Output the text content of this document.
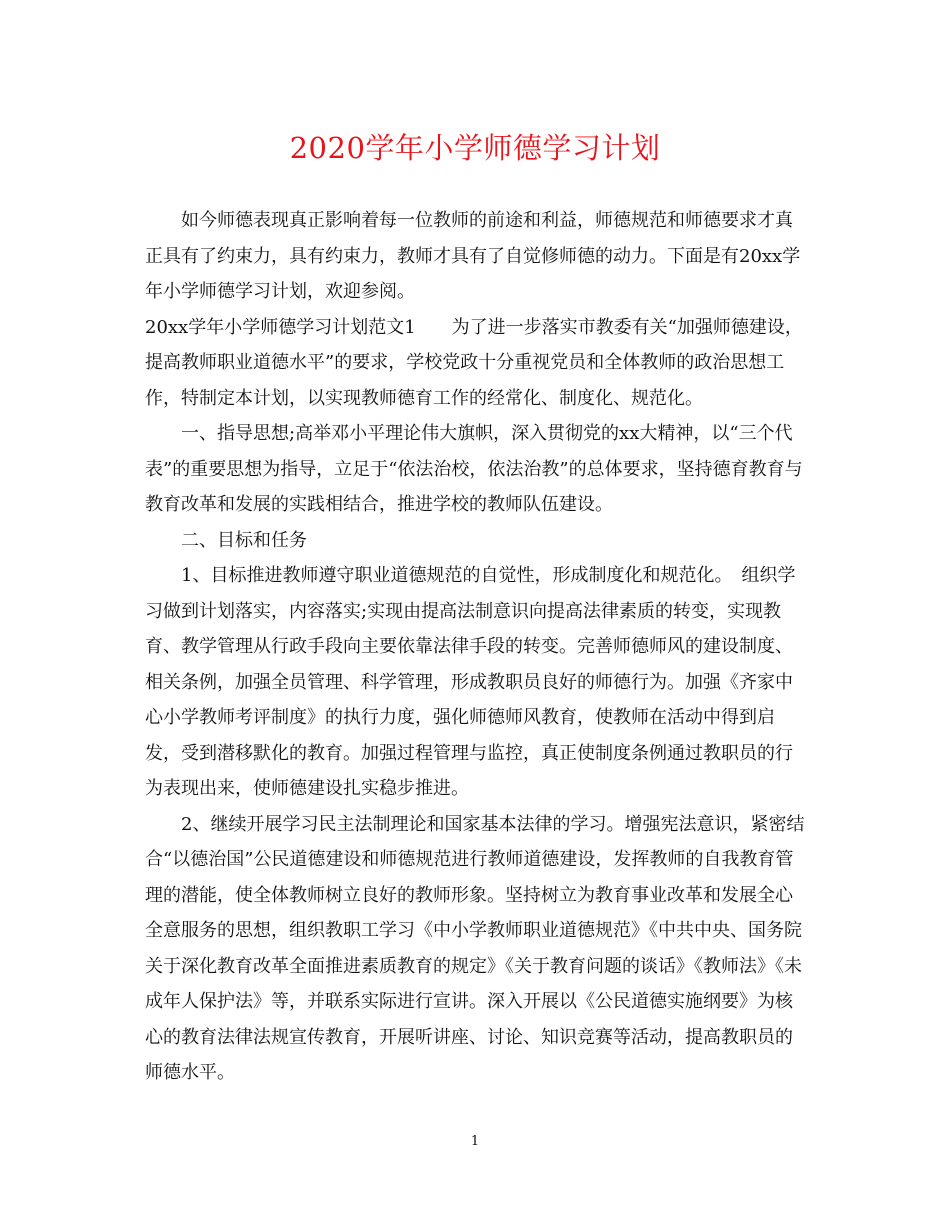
2020学年小学师德学习计划

如今师德表现真正影响着每一位教师的前途和利益，师德规范和师德要求才真正具有了约束力，具有约束力，教师才具有了自觉修师德的动力。下面是有20xx学年小学师德学习计划，欢迎参阅。

20xx学年小学师德学习计划范文1　　为了进一步落实市教委有关“加强师德建设，提高教师职业道德水平”的要求，学校党政十分重视党员和全体教师的政治思想工作，特制定本计划，以实现教师德育工作的经常化、制度化、规范化。

一、指导思想;高举邓小平理论伟大旗帜，深入贯彻党的xx大精神，以“三个代表”的重要思想为指导，立足于“依法治校，依法治教”的总体要求，坚持德育教育与教育改革和发展的实践相结合，推进学校的教师队伍建设。

二、目标和任务

1、目标推进教师遵守职业道德规范的自觉性，形成制度化和规范化。　组织学习做到计划落实，内容落实;实现由提高法制意识向提高法律素质的转变，实现教育、教学管理从行政手段向主要依靠法律手段的转变。完善师德师风的建设制度、相关条例，加强全员管理、科学管理，形成教职员良好的师德行为。加强《齐家中心小学教师考评制度》的执行力度，强化师德师风教育，使教师在活动中得到启发，受到潜移默化的教育。加强过程管理与监控，真正使制度条例通过教职员的行为表现出来，使师德建设扎实稳步推进。

2、继续开展学习民主法制理论和国家基本法律的学习。增强宪法意识，紧密结合“以德治国”公民道德建设和师德规范进行教师道德建设，发挥教师的自我教育管理的潜能，使全体教师树立良好的教师形象。坚持树立为教育事业改革和发展全心全意服务的思想，组织教职工学习《中小学教师职业道德规范》《中共中央、国务院关于深化教育改革全面推进素质教育的规定》《关于教育问题的谈话》《教师法》《未成年人保护法》等，并联系实际进行宣讲。深入开展以《公民道德实施纲要》为核心的教育法律法规宣传教育，开展听讲座、讨论、知识竞赛等活动，提高教职员的师德水平。

1
